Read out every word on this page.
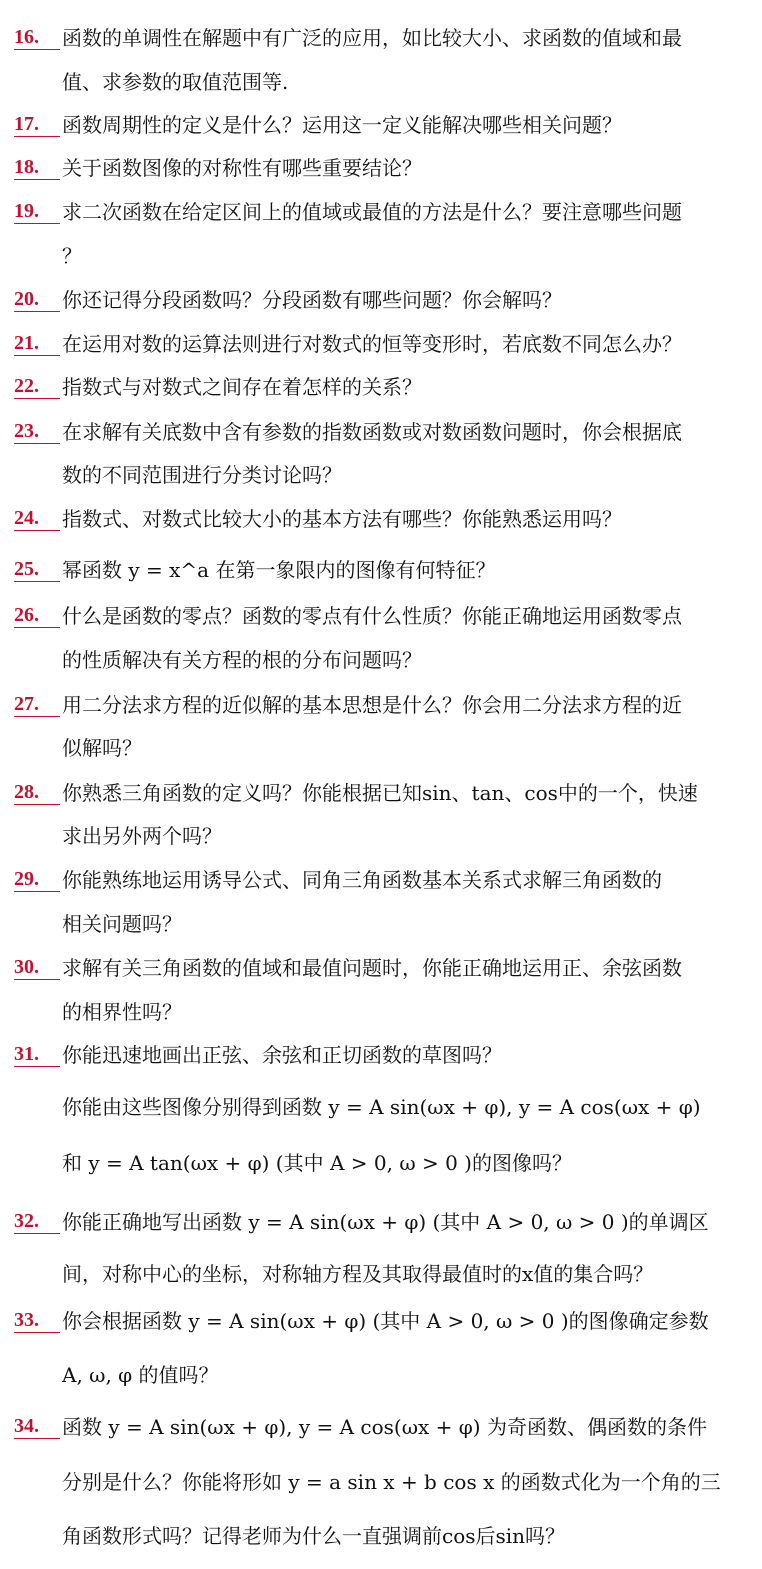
16.	函数的单调性在解题中有广泛的应用，如比较大小、求函数的值域和最
值、求参数的取值范围等.
17.	函数周期性的定义是什么？运用这一定义能解决哪些相关问题？
18.	关于函数图像的对称性有哪些重要结论？
19.	求二次函数在给定区间上的值域或最值的方法是什么？要注意哪些问题
？
20.	你还记得分段函数吗？分段函数有哪些问题？你会解吗？
21.	在运用对数的运算法则进行对数式的恒等变形时，若底数不同怎么办？
22.	指数式与对数式之间存在着怎样的关系？
23.	在求解有关底数中含有参数的指数函数或对数函数问题时，你会根据底
数的不同范围进行分类讨论吗？
24.	指数式、对数式比较大小的基本方法有哪些？你能熟悉运用吗？
25.	幂函数 y = x^a 在第一象限内的图像有何特征？
26.	什么是函数的零点？函数的零点有什么性质？你能正确地运用函数零点
的性质解决有关方程的根的分布问题吗？
27.	用二分法求方程的近似解的基本思想是什么？你会用二分法求方程的近
似解吗？
28.	你熟悉三角函数的定义吗？你能根据已知sin、tan、cos中的一个，快速
求出另外两个吗？
29.	你能熟练地运用诱导公式、同角三角函数基本关系式求解三角函数的
相关问题吗？
30.	求解有关三角函数的值域和最值问题时，你能正确地运用正、余弦函数
的相界性吗？
31.	你能迅速地画出正弦、余弦和正切函数的草图吗？
你能由这些图像分别得到函数 y = A sin(ωx + φ), y = A cos(ωx + φ)
和 y = A tan(ωx + φ) (其中 A > 0, ω > 0 )的图像吗？
32.	你能正确地写出函数 y = A sin(ωx + φ) (其中 A > 0, ω > 0 )的单调区
间，对称中心的坐标，对称轴方程及其取得最值时的x值的集合吗？
33.	你会根据函数 y = A sin(ωx + φ) (其中 A > 0, ω > 0 )的图像确定参数
A, ω, φ 的值吗？
34.	函数 y = A sin(ωx + φ), y = A cos(ωx + φ) 为奇函数、偶函数的条件
分别是什么？你能将形如 y = a sin x + b cos x 的函数式化为一个角的三
角函数形式吗？记得老师为什么一直强调前cos后sin吗？
